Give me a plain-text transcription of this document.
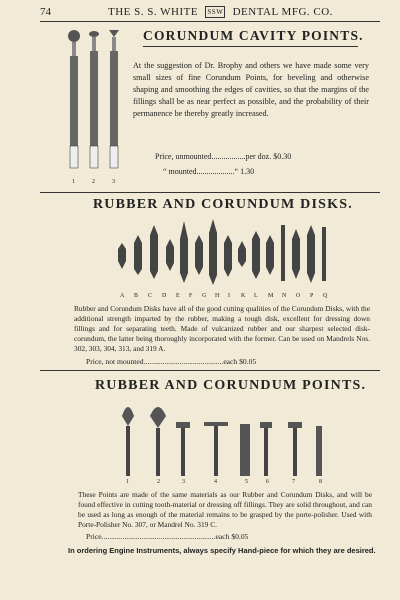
74	THE S. S. WHITE SSW DENTAL MFG. CO.
1	2	3
CORUNDUM CAVITY POINTS.
At the suggestion of Dr. Brophy and others we have made some very small sizes of fine Corundum Points, for beveling and otherwise shaping and smoothing the edges of cavities, so that the margins of the fillings shall be as near perfect as possible, and the probability of their permanence be thereby greatly increased.
Price, unmounted.................per doz. $0.30
“ mounted...................“ 1.30
RUBBER AND CORUNDUM DISKS.
A B C D E F G H I K L M N O P Q
Rubber and Corundum Disks have all of the good cutting qualities of the Corundum Disks, with the additional strength imparted by the rubber, making a tough disk, excellent for dressing down fillings and for separating teeth. Made of vulcanized rubber and our sharpest selected disk-corundum, the latter being thoroughly incorporated with the former. Can be used on Mandrels Nos. 302, 303, 304, 313, and 319 A.
Price, not mounted..........................................each $0.05
RUBBER AND CORUNDUM POINTS.
1	2	3	4	5	6	7	8
These Points are made of the same materials as our Rubber and Corundum Disks, and will be found effective in cutting tooth-material or dressing off fillings. They are solid throughout, and can be used as long as enough of the material remains to be grasped by the porte-polisher. Used with Porte-Polisher No. 307, or Mandrel No. 319 C.
Price............................................................each $0.05
In ordering Engine Instruments, always specify Hand-piece for which they are desired.
